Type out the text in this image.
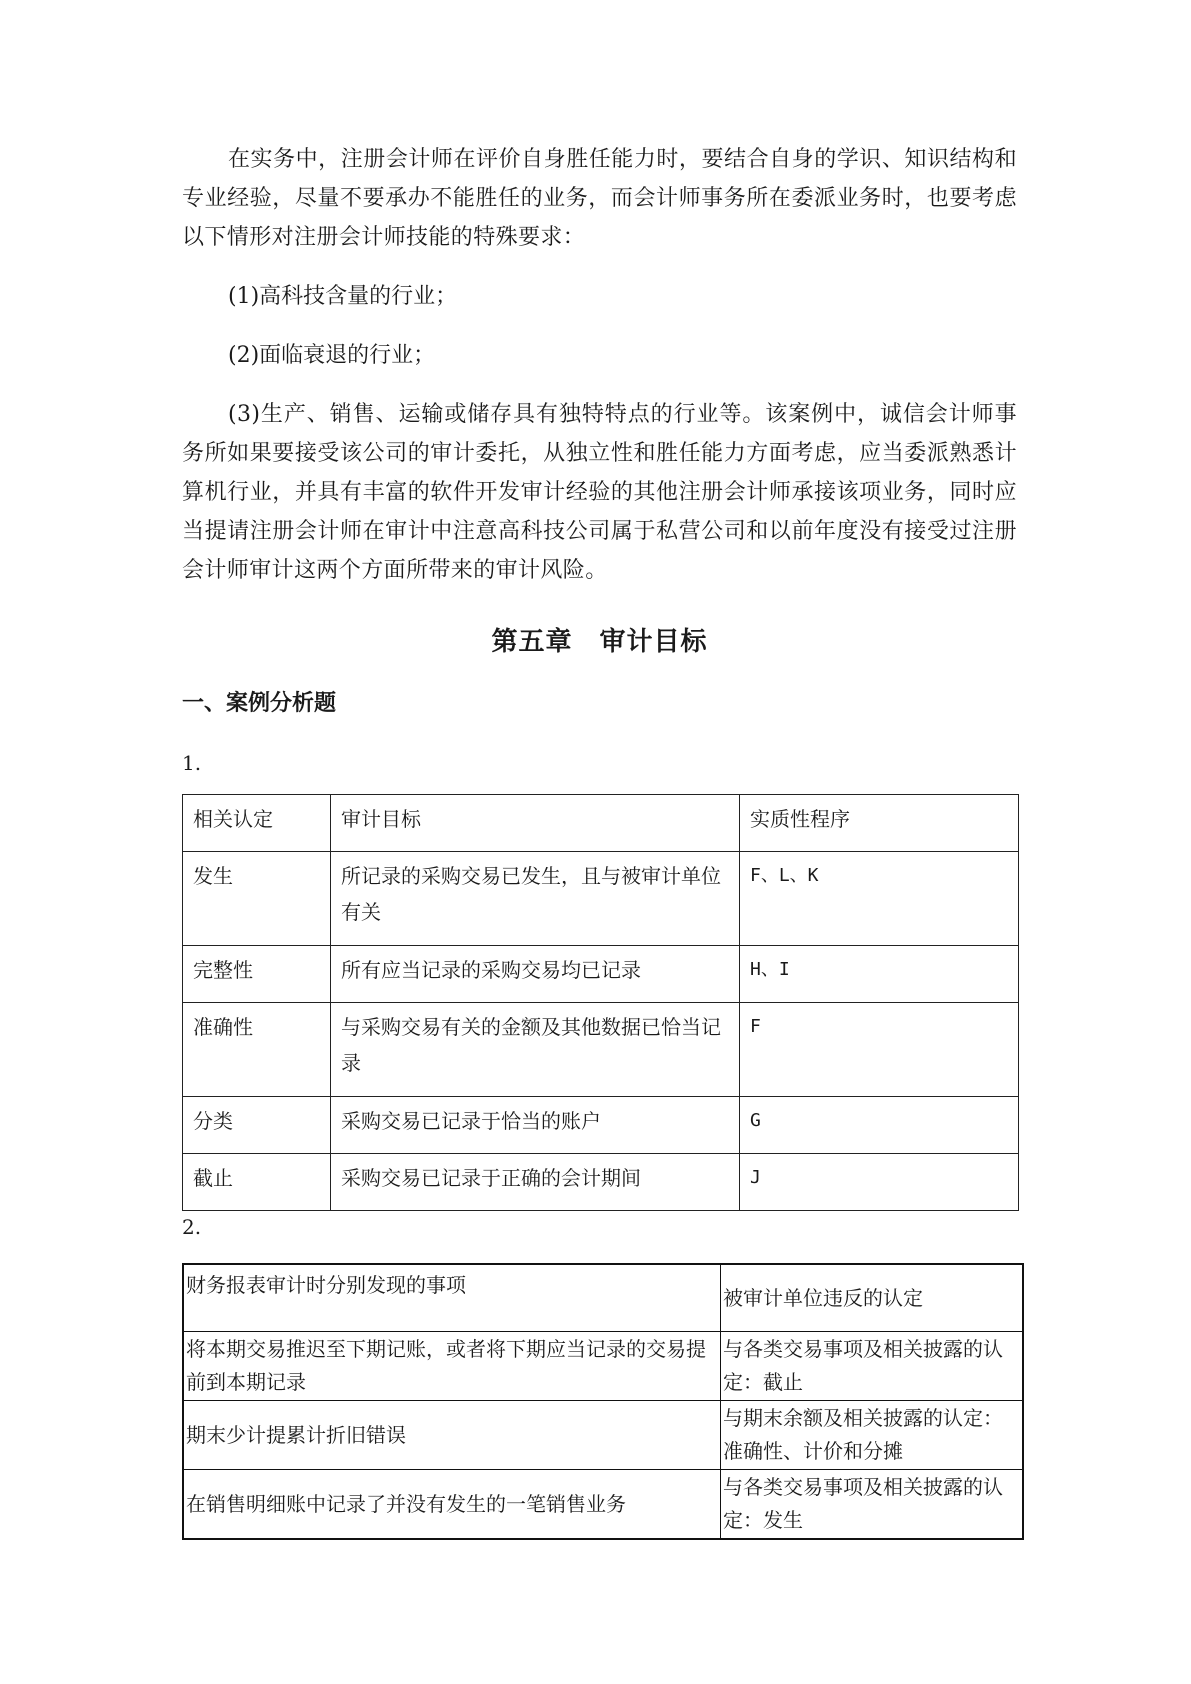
在实务中，注册会计师在评价自身胜任能力时，要结合自身的学识、知识结构和专业经验，尽量不要承办不能胜任的业务，而会计师事务所在委派业务时，也要考虑以下情形对注册会计师技能的特殊要求：

(1)高科技含量的行业；

(2)面临衰退的行业；

(3)生产、销售、运输或储存具有独特特点的行业等。该案例中，诚信会计师事务所如果要接受该公司的审计委托，从独立性和胜任能力方面考虑，应当委派熟悉计算机行业，并具有丰富的软件开发审计经验的其他注册会计师承接该项业务，同时应当提请注册会计师在审计中注意高科技公司属于私营公司和以前年度没有接受过注册会计师审计这两个方面所带来的审计风险。

第五章　审计目标
一、案例分析题
1.
相关认定	审计目标	实质性程序
发生	所记录的采购交易已发生，且与被审计单位有关	F、L、K
完整性	所有应当记录的采购交易均已记录	H、I
准确性	与采购交易有关的金额及其他数据已恰当记录	F
分类	采购交易已记录于恰当的账户	G
截止	采购交易已记录于正确的会计期间	J
2.
财务报表审计时分别发现的事项	被审计单位违反的认定
将本期交易推迟至下期记账，或者将下期应当记录的交易提前到本期记录	与各类交易事项及相关披露的认定：截止
期末少计提累计折旧错误	与期末余额及相关披露的认定：准确性、计价和分摊
在销售明细账中记录了并没有发生的一笔销售业务	与各类交易事项及相关披露的认定：发生
